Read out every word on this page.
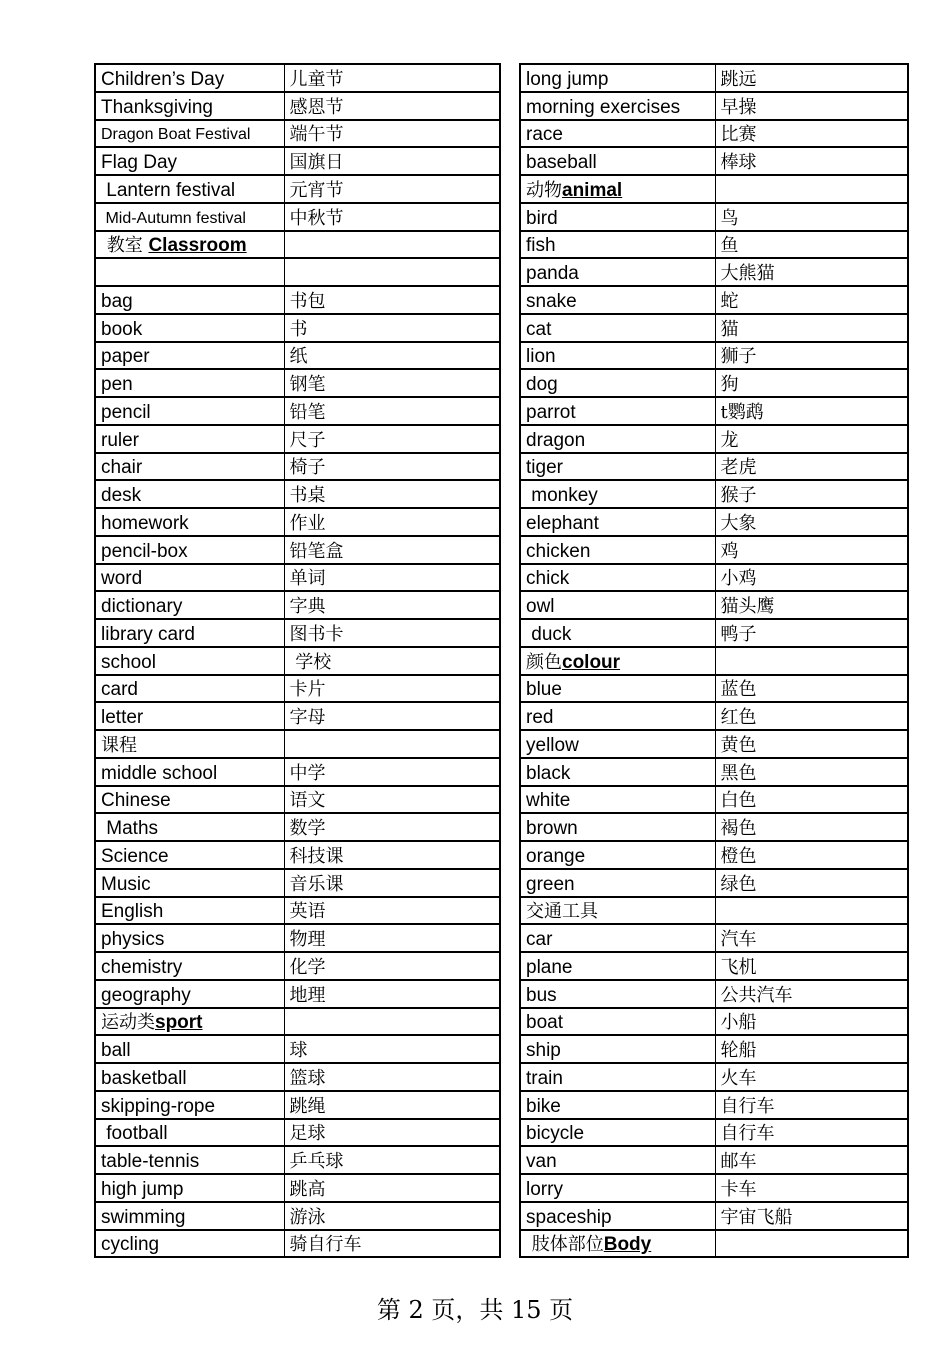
Children’s Day	儿童节
Thanksgiving	感恩节
Dragon Boat Festival	端午节
Flag Day	国旗日
Lantern festival	元宵节
Mid-Autumn festival	中秋节
教室 Classroom	

bag	书包
book	书
paper	纸
pen	钢笔
pencil	铅笔
ruler	尺子
chair	椅子
desk	书桌
homework	作业
pencil-box	铅笔盒
word	单词
dictionary	字典
library card	图书卡
school	学校
card	卡片
letter	字母
课程	
middle school	中学
Chinese	语文
Maths	数学
Science	科技课
Music	音乐课
English	英语
physics	物理
chemistry	化学
geography	地理
运动类sport	
ball	球
basketball	篮球
skipping-rope	跳绳
football	足球
table-tennis	乒乓球
high jump	跳高
swimming	游泳
cycling	骑自行车
long jump	跳远
morning exercises	早操
race	比赛
baseball	棒球
动物animal	
bird	鸟
fish	鱼
panda	大熊猫
snake	蛇
cat	猫
lion	狮子
dog	狗
parrot	t鹦鹉
dragon	龙
tiger	老虎
monkey	猴子
elephant	大象
chicken	鸡
chick	小鸡
owl	猫头鹰
duck	鸭子
颜色colour	
blue	蓝色
red	红色
yellow	黄色
black	黑色
white	白色
brown	褐色
orange	橙色
green	绿色
交通工具	
car	汽车
plane	飞机
bus	公共汽车
boat	小船
ship	轮船
train	火车
bike	自行车
bicycle	自行车
van	邮车
lorry	卡车
spaceship	宇宙飞船
肢体部位Body	
第 2 页，共 15 页
